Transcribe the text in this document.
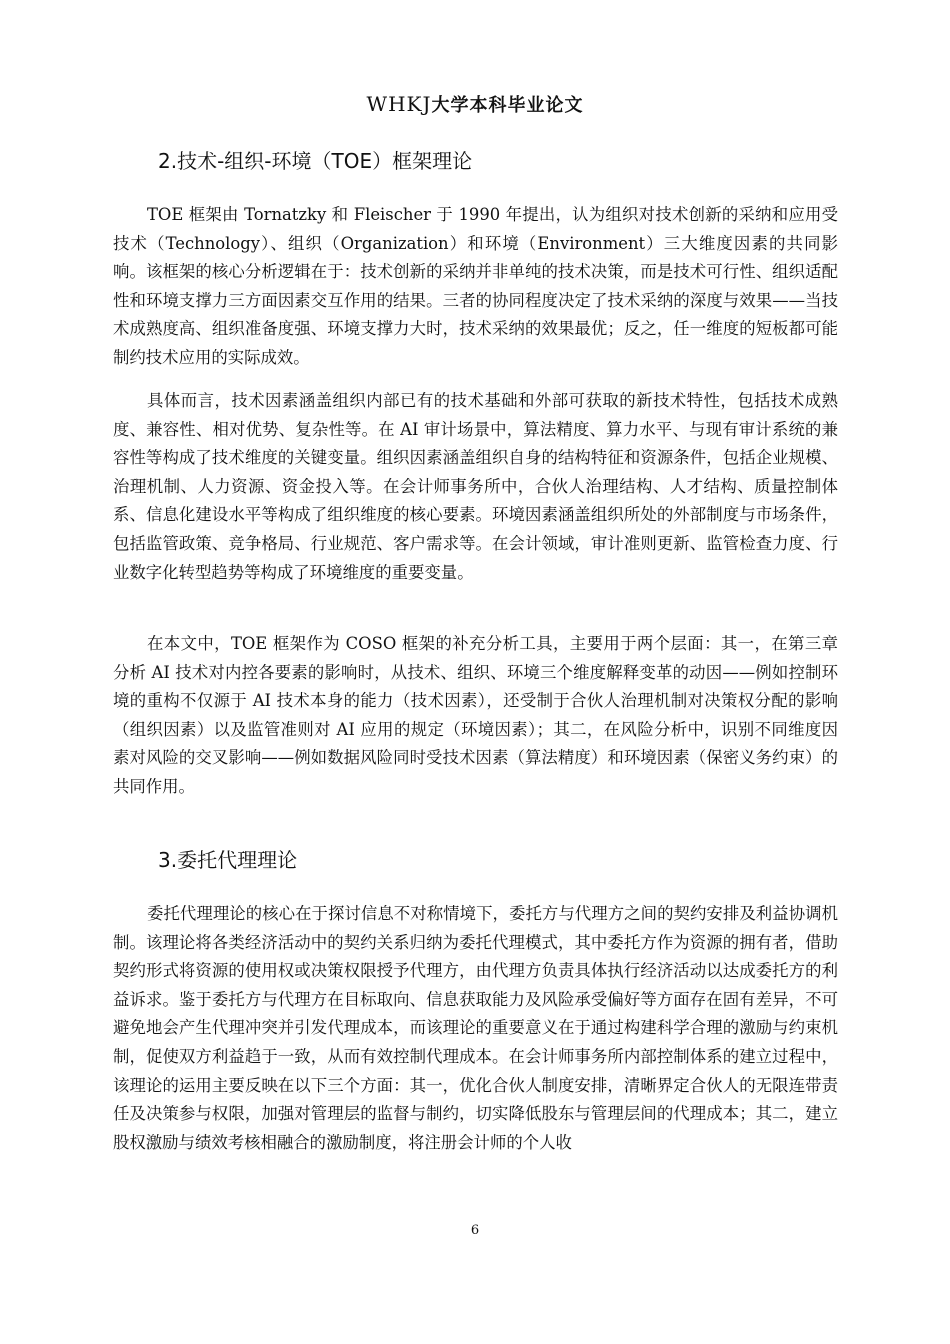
WHKJ大学本科毕业论文
2.技术-组织-环境（TOE）框架理论

TOE 框架由 Tornatzky 和 Fleischer 于 1990 年提出，认为组织对技术创新的采纳和应用受技术（Technology）、组织（Organization）和环境（Environment）三大维度因素的共同影响。该框架的核心分析逻辑在于：技术创新的采纳并非单纯的技术决策，而是技术可行性、组织适配性和环境支撑力三方面因素交互作用的结果。三者的协同程度决定了技术采纳的深度与效果——当技术成熟度高、组织准备度强、环境支撑力大时，技术采纳的效果最优；反之，任一维度的短板都可能制约技术应用的实际成效。

具体而言，技术因素涵盖组织内部已有的技术基础和外部可获取的新技术特性，包括技术成熟度、兼容性、相对优势、复杂性等。在 AI 审计场景中，算法精度、算力水平、与现有审计系统的兼容性等构成了技术维度的关键变量。组织因素涵盖组织自身的结构特征和资源条件，包括企业规模、治理机制、人力资源、资金投入等。在会计师事务所中，合伙人治理结构、人才结构、质量控制体系、信息化建设水平等构成了组织维度的核心要素。环境因素涵盖组织所处的外部制度与市场条件，包括监管政策、竞争格局、行业规范、客户需求等。在会计领域，审计准则更新、监管检查力度、行业数字化转型趋势等构成了环境维度的重要变量。

在本文中，TOE 框架作为 COSO 框架的补充分析工具，主要用于两个层面：其一，在第三章分析 AI 技术对内控各要素的影响时，从技术、组织、环境三个维度解释变革的动因——例如控制环境的重构不仅源于 AI 技术本身的能力（技术因素），还受制于合伙人治理机制对决策权分配的影响（组织因素）以及监管准则对 AI 应用的规定（环境因素）；其二，在风险分析中，识别不同维度因素对风险的交叉影响——例如数据风险同时受技术因素（算法精度）和环境因素（保密义务约束）的共同作用。

3.委托代理理论

委托代理理论的核心在于探讨信息不对称情境下，委托方与代理方之间的契约安排及利益协调机制。该理论将各类经济活动中的契约关系归纳为委托代理模式，其中委托方作为资源的拥有者，借助契约形式将资源的使用权或决策权限授予代理方，由代理方负责具体执行经济活动以达成委托方的利益诉求。鉴于委托方与代理方在目标取向、信息获取能力及风险承受偏好等方面存在固有差异，不可避免地会产生代理冲突并引发代理成本，而该理论的重要意义在于通过构建科学合理的激励与约束机制，促使双方利益趋于一致，从而有效控制代理成本。在会计师事务所内部控制体系的建立过程中，该理论的运用主要反映在以下三个方面：其一，优化合伙人制度安排，清晰界定合伙人的无限连带责任及决策参与权限，加强对管理层的监督与制约，切实降低股东与管理层间的代理成本；其二，建立股权激励与绩效考核相融合的激励制度，将注册会计师的个人收

6
